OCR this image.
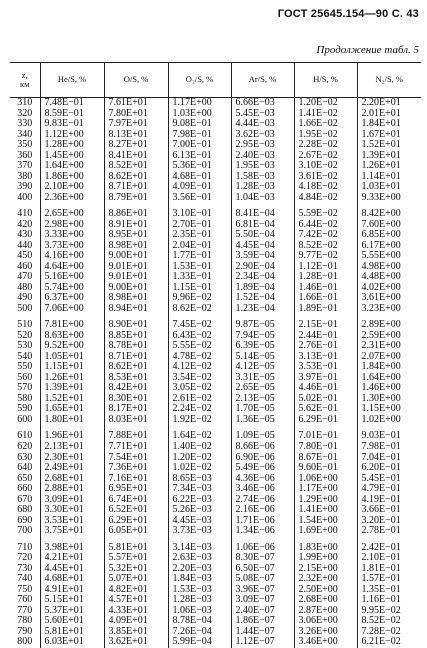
ГОСТ 25645.154—90 С. 43
Продолжение табл. 5
z,
км	He/S, %	O/S, %	O₂/S, %	Ar/S, %	H/S, %	N₂/S, %
310	7.48E−01	7.61E+01	1.17E+00	6.66E−03	1.20E−02	2.20E+01
320	8.59E−01	7.80E+01	1.03E+00	5.45E−03	1.41E−02	2.01E+01
330	9.83E−01	7.97E+01	9.08E−01	4.44E−03	1.66E−02	1.84E+01
340	1.12E+00	8.13E+01	7.98E−01	3.62E−03	1.95E−02	1.67E+01
350	1.28E+00	8.27E+01	7.00E−01	2.95E−03	2.28E−02	1.52E+01
360	1.45E+00	8.41E+01	6.13E−01	2.40E−03	2.67E−02	1.39E+01
370	1.64E+00	8.52E+01	5.36E−01	1.95E−03	3.10E−02	1.26E+01
380	1.86E+00	8.62E+01	4.68E−01	1.58E−03	3.61E−02	1.14E+01
390	2.10E+00	8.71E+01	4.09E−01	1.28E−03	4.18E−02	1.03E+01
400	2.36E+00	8.79E+01	3.56E−01	1.04E−03	4.84E−02	9.33E+00
410	2.65E+00	8.86E+01	3.10E−01	8.41E−04	5.59E−02	8.42E+00
420	2.98E+00	8.91E+01	2.70E−01	6.81E−04	6.44E−02	7.60E+00
430	3.33E+00	8.95E+01	2.35E−01	5.50E−04	7.42E−02	6.85E+00
440	3.73E+00	8.98E+01	2.04E−01	4.45E−04	8.52E−02	6.17E+00
450	4.16E+00	9.00E+01	1.77E−01	3.59E−04	9.77E−02	5.55E+00
460	4.64E+00	9.01E+01	1.53E−01	2.90E−04	1.12E−01	4.98E+00
470	5.16E+00	9.01E+01	1.33E−01	2.34E−04	1.28E−01	4.48E+00
480	5.74E+00	9.00E+01	1.15E−01	1.89E−04	1.46E−01	4.02E+00
490	6.37E+00	8.98E+01	9.96E−02	1.52E−04	1.66E−01	3.61E+00
500	7.06E+00	8.94E+01	8.62E−02	1.23E−04	1.89E−01	3.23E+00
510	7.81E+00	8.90E+01	7.45E−02	9.87E−05	2.15E−01	2.89E+00
520	8.63E+00	8.85E+01	6.43E−02	7.94E−05	2.44E−01	2.59E+00
530	9.52E+00	8.78E+01	5.55E−02	6.39E−05	2.76E−01	2.31E+00
540	1.05E+01	8.71E+01	4.78E−02	5.14E−05	3.13E−01	2.07E+00
550	1.15E+01	8.62E+01	4.12E−02	4.12E−05	3.53E−01	1.84E+00
560	1.26E+01	8.53E+01	3.54E−02	3.31E−05	3.97E−01	1.64E+00
570	1.39E+01	8.42E+01	3.05E−02	2.65E−05	4.46E−01	1.46E+00
580	1.52E+01	8.30E+01	2.61E−02	2.13E−05	5.02E−01	1.30E+00
590	1.65E+01	8.17E+01	2.24E−02	1.70E−05	5.62E−01	1.15E+00
600	1.80E+01	8.03E+01	1.92E−02	1.36E−05	6.29E−01	1.02E+00
610	1.96E+01	7.88E+01	1.64E−02	1.09E−05	7.01E−01	9.03E−01
620	2.13E+01	7.71E+01	1.40E−02	8.66E−06	7.80E−01	7.98E−01
630	2.30E+01	7.54E+01	1.20E−02	6.90E−06	8.67E−01	7.04E−01
640	2.49E+01	7.36E+01	1.02E−02	5.49E−06	9.60E−01	6.20E−01
650	2.68E+01	7.16E+01	8.65E−03	4.36E−06	1.06E+00	5.45E−01
660	2.88E+01	6.95E+01	7.34E−03	3.46E−06	1.17E+00	4.79E−01
670	3.09E+01	6.74E+01	6.22E−03	2.74E−06	1.29E+00	4.19E−01
680	3.30E+01	6.52E+01	5.26E−03	2.16E−06	1.41E+00	3.66E−01
690	3.53E+01	6.29E+01	4.45E−03	1.71E−06	1.54E+00	3.20E−01
700	3.75E+01	6.05E+01	3.73E−03	1.34E−06	1.69E+00	2.78E−01
710	3.98E+01	5.81E+01	3.14E−03	1.06E−06	1.83E+00	2.42E−01
720	4.21E+01	5.57E+01	2.63E−03	8.30E−07	1.99E+00	2.10E−01
730	4.45E+01	5.32E+01	2.20E−03	6.50E−07	2.15E+00	1.81E−01
740	4.68E+01	5.07E+01	1.84E−03	5.08E−07	2.32E+00	1.57E−01
750	4.91E+01	4.82E+01	1.53E−03	3.96E−07	2.50E+00	1.35E−01
760	5.15E+01	4.57E+01	1.28E−03	3.09E−07	2.68E+00	1.16E−01
770	5.37E+01	4.33E+01	1.06E−03	2.40E−07	2.87E+00	9.95E−02
780	5.60E+01	4.09E+01	8.78E−04	1.86E−07	3.06E+00	8.52E−02
790	5.81E+01	3.85E+01	7.26E−04	1.44E−07	3.26E+00	7.28E−02
800	6.03E+01	3.62E+01	5.99E−04	1.12E−07	3.46E+00	6.21E−02
